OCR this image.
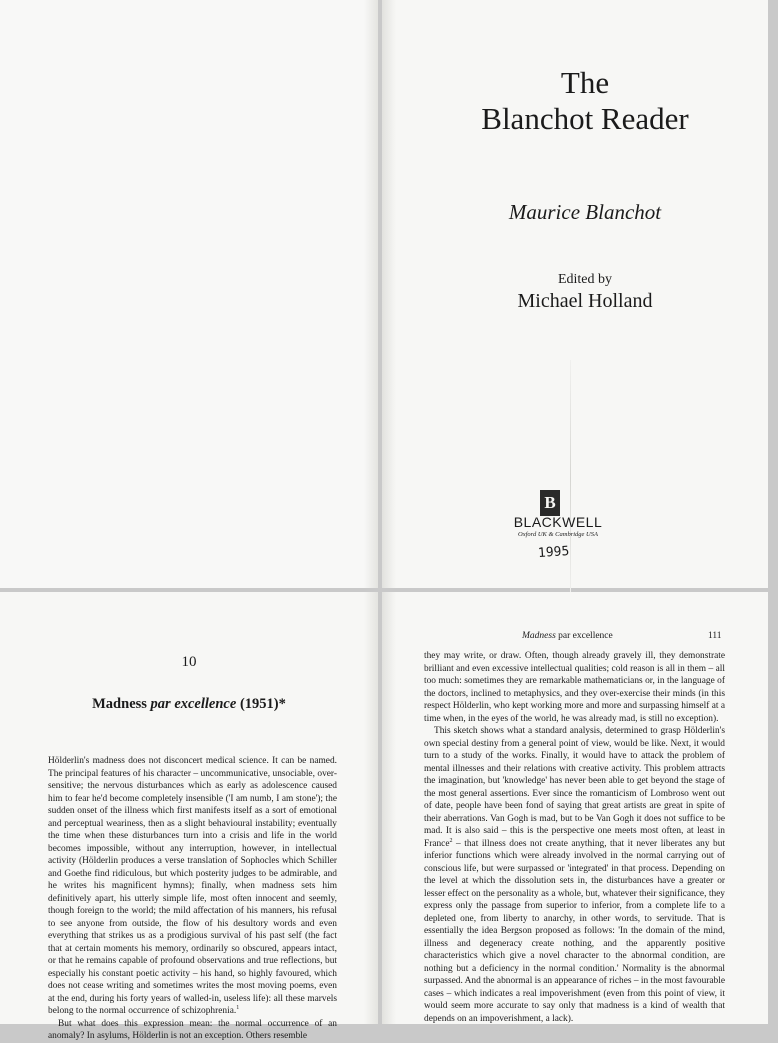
The
Blanchot Reader
Maurice Blanchot
Edited by
Michael Holland
B
BLACKWELL
Oxford UK & Cambridge USA
1995
10
Madness par excellence (1951)*

Hölderlin's madness does not disconcert medical science. It can be named. The principal features of his character – uncommunicative, unsociable, over-sensitive; the nervous disturbances which as early as adolescence caused him to fear he'd become completely insensible ('I am numb, I am stone'); the sudden onset of the illness which first manifests itself as a sort of emotional and perceptual weariness, then as a slight behavioural instability; eventually the time when these disturbances turn into a crisis and life in the world becomes impossible, without any interruption, however, in intellectual activity (Hölderlin produces a verse translation of Sophocles which Schiller and Goethe find ridiculous, but which posterity judges to be admirable, and he writes his magnificent hymns); finally, when madness sets him definitively apart, his utterly simple life, most often innocent and seemly, though foreign to the world; the mild affectation of his manners, his refusal to see anyone from outside, the flow of his desultory words and even everything that strikes us as a prodigious survival of his past self (the fact that at certain moments his memory, ordinarily so obscured, appears intact, or that he remains capable of profound observations and true reflections, but especially his constant poetic activity – his hand, so highly favoured, which does not cease writing and sometimes writes the most moving poems, even at the end, during his forty years of walled-in, useless life): all these marvels belong to the normal occurrence of schizophrenia.$^1$

But what does this expression mean: the normal occurrence of an anomaly? In asylums, Hölderlin is not an exception. Others resemble

Madness par excellence	111

they may write, or draw. Often, though already gravely ill, they demonstrate brilliant and even excessive intellectual qualities; cold reason is all in them – all too much: sometimes they are remarkable mathematicians or, in the language of the doctors, inclined to metaphysics, and they over-exercise their minds (in this respect Hölderlin, who kept working more and more and surpassing himself at a time when, in the eyes of the world, he was already mad, is still no exception).

This sketch shows what a standard analysis, determined to grasp Hölderlin's own special destiny from a general point of view, would be like. Next, it would turn to a study of the works. Finally, it would have to attack the problem of mental illnesses and their relations with creative activity. This problem attracts the imagination, but 'knowledge' has never been able to get beyond the stage of the most general assertions. Ever since the romanticism of Lombroso went out of date, people have been fond of saying that great artists are great in spite of their aberrations. Van Gogh is mad, but to be Van Gogh it does not suffice to be mad. It is also said – this is the perspective one meets most often, at least in France$^2$ – that illness does not create anything, that it never liberates any but inferior functions which were already involved in the normal carrying out of conscious life, but were surpassed or 'integrated' in that process. Depending on the level at which the dissolution sets in, the disturbances have a greater or lesser effect on the personality as a whole, but, whatever their significance, they express only the passage from superior to inferior, from a complete life to a depleted one, from liberty to anarchy, in other words, to servitude. That is essentially the idea Bergson proposed as follows: 'In the domain of the mind, illness and degeneracy create nothing, and the apparently positive characteristics which give a novel character to the abnormal condition, are nothing but a deficiency in the normal condition.' Normality is the abnormal surpassed. And the abnormal is an appearance of riches – in the most favourable cases – which indicates a real impoverishment (even from this point of view, it would seem more accurate to say only that madness is a kind of wealth that depends on an impoverishment, a lack).
